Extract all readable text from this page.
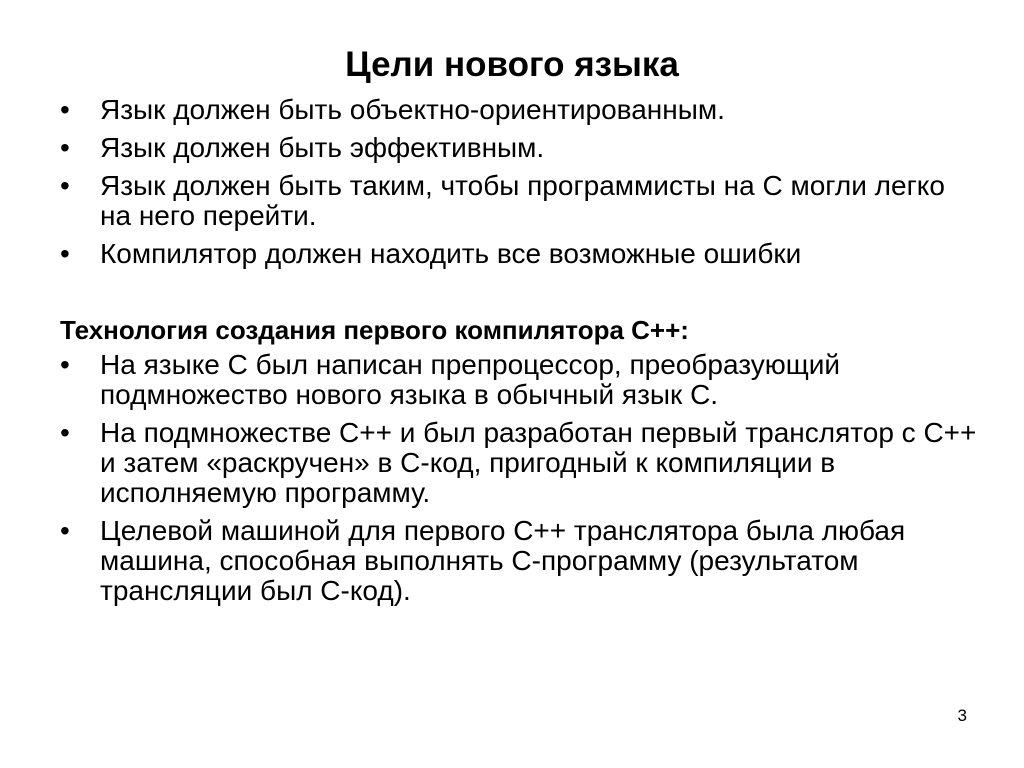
Цели нового языка
•	Язык должен быть объектно-ориентированным.
•	Язык должен быть эффективным.
•	Язык должен быть таким, чтобы программисты на С могли легко на него перейти.
•	Компилятор должен находить все возможные ошибки
Технология создания первого компилятора С++:
•	На языке С был написан препроцессор, преобразующий подмножество нового языка в обычный язык С.
•	На подмножестве С++ и был разработан первый транслятор с С++ и затем «раскручен» в С-код, пригодный к компиляции в исполняемую программу.
•	Целевой машиной для первого С++ транслятора была любая машина, способная выполнять С-программу (результатом трансляции был С-код).
3
